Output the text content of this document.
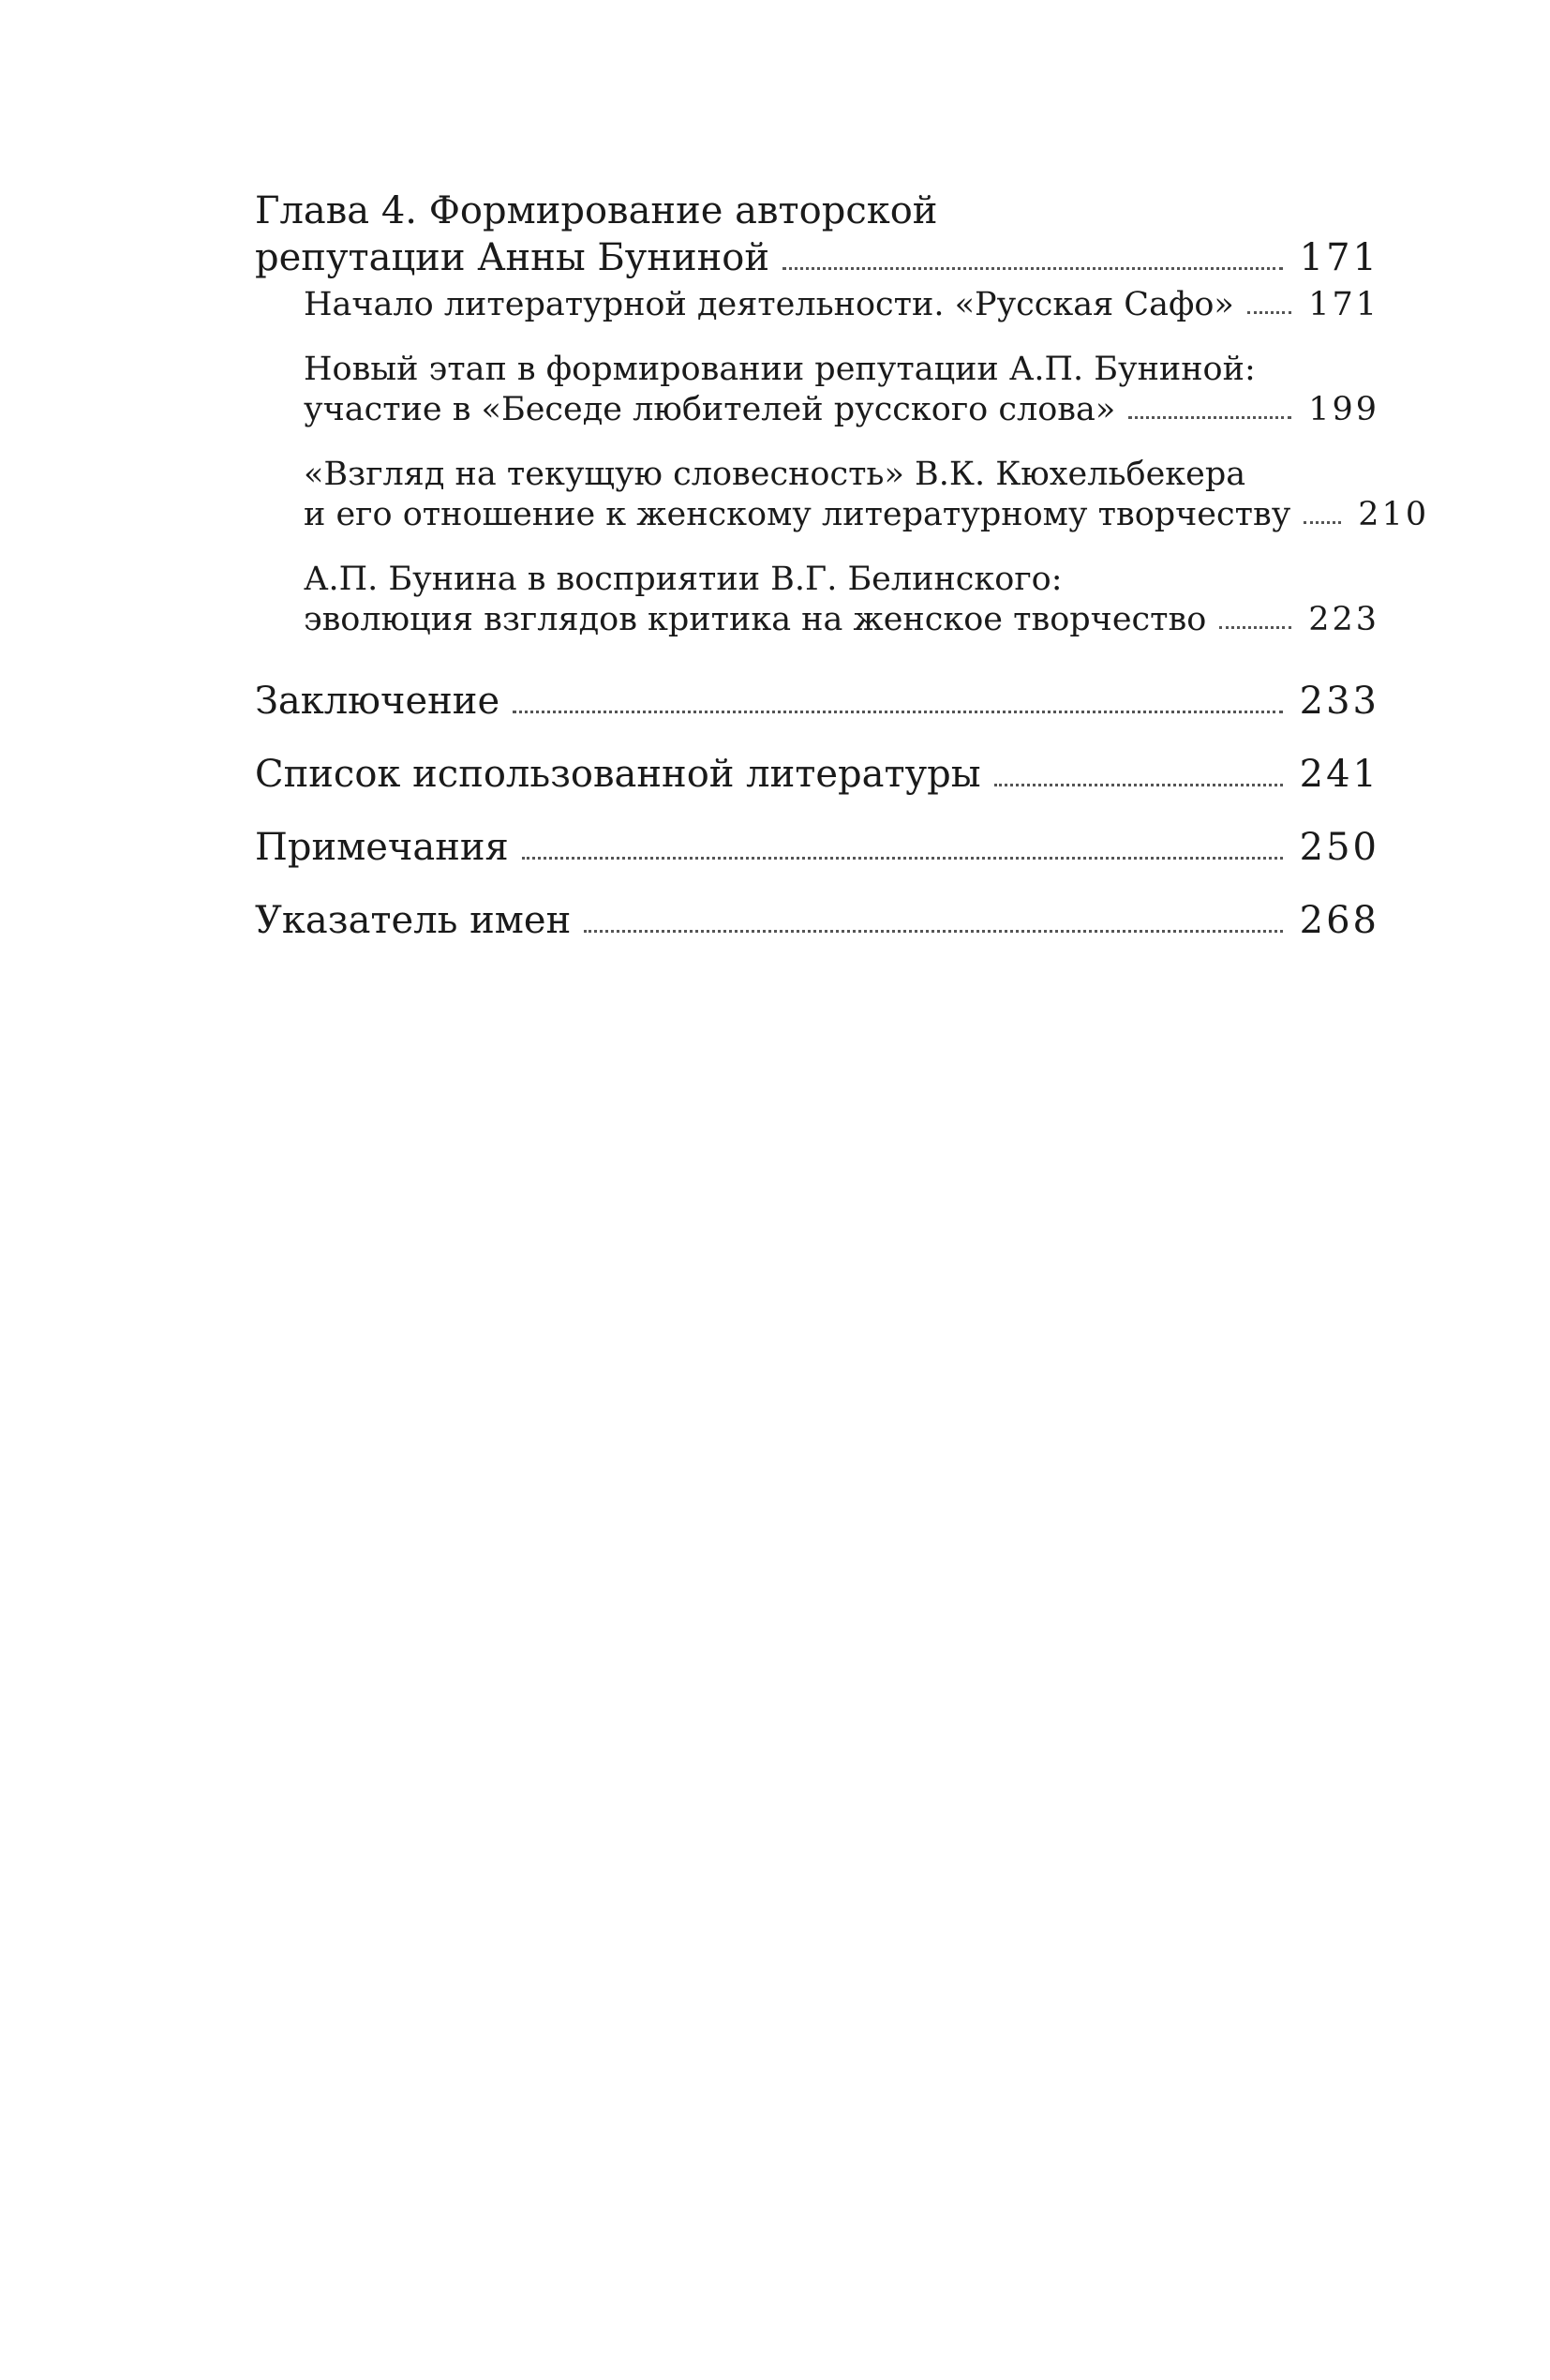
Глава 4. Формирование авторской
репутации Анны Буниной	171
Начало литературной деятельности. «Русская Сафо» 171
Новый этап в формировании репутации А.П. Буниной:
участие в «Беседе любителей русского слова»	199
«Взгляд на текущую словесность» В.К. Кюхельбекера
и его отношение к женскому литературному творчеству 210
А.П. Бунина в восприятии В.Г. Белинского:
эволюция взглядов критика на женское творчество	223
Заключение	233
Список использованной литературы	241
Примечания	250
Указатель имен	268
